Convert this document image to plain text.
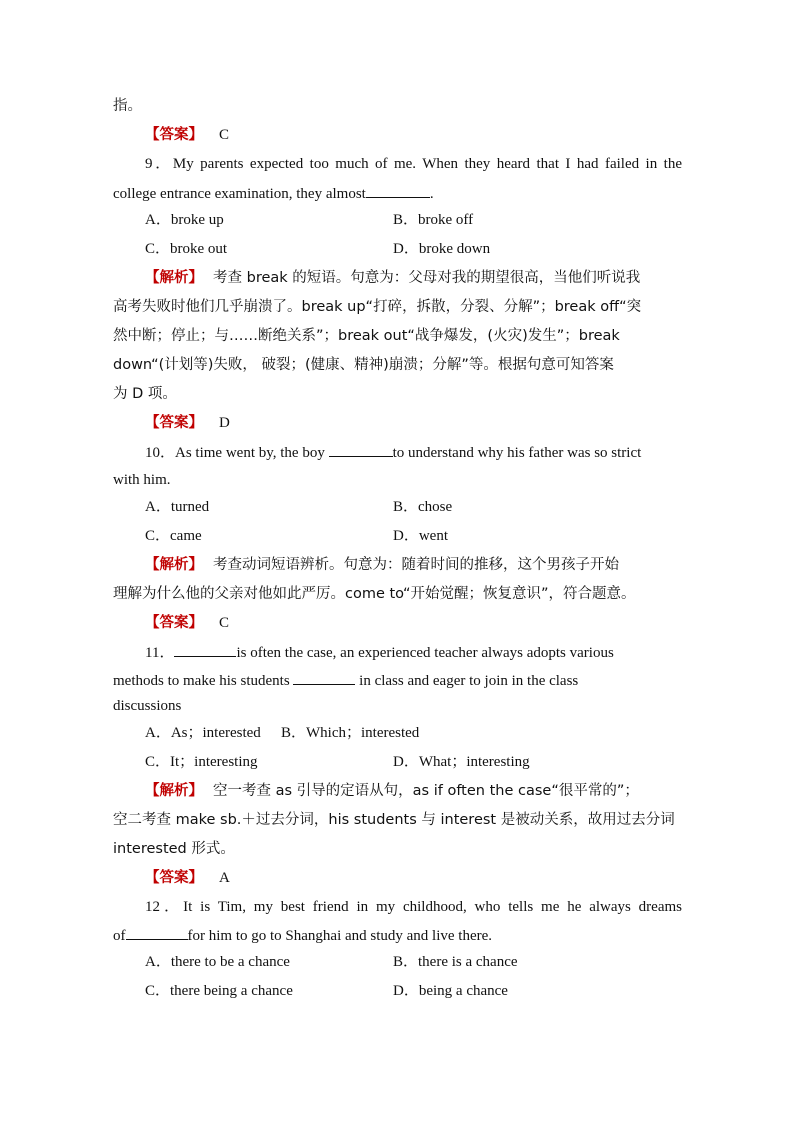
指。
【答案】 C
9．My parents expected too much of me. When they heard that I had failed in the
college entrance examination, they almost	.
A．broke up	B．broke off
C．broke out	D．broke down
【解析】 考查 break 的短语。句意为：父母对我的期望很高，当他们听说我
高考失败时他们几乎崩溃了。break up“打碎，拆散，分裂、分解”；break off“突
然中断；停止；与……断绝关系”；break out“战争爆发，(火灾)发生”；break
down“(计划等)失败， 破裂；(健康、精神)崩溃；分解”等。根据句意可知答案
为 D 项。
【答案】 D
10．As time went by, the boy	to understand why his father was so strict
with him.
A．turned	B．chose
C．came	D．went
【解析】 考查动词短语辨析。句意为：随着时间的推移，这个男孩子开始
理解为什么他的父亲对他如此严厉。come to“开始觉醒；恢复意识”，符合题意。
【答案】 C
11．	is often the case, an experienced teacher always adopts various
methods to make his students	in class and eager to join in the class
discussions
A．As；interested B．Which；interested
C．It；interesting	D．What；interesting
【解析】 空一考查 as 引导的定语从句，as if often the case“很平常的”；
空二考查 make sb.＋过去分词，his students 与 interest 是被动关系，故用过去分词
interested 形式。
【答案】 A
12．It is Tim, my best friend in my childhood, who tells me he always dreams
of	for him to go to Shanghai and study and live there.
A．there to be a chance	B．there is a chance
C．there being a chance	D．being a chance
